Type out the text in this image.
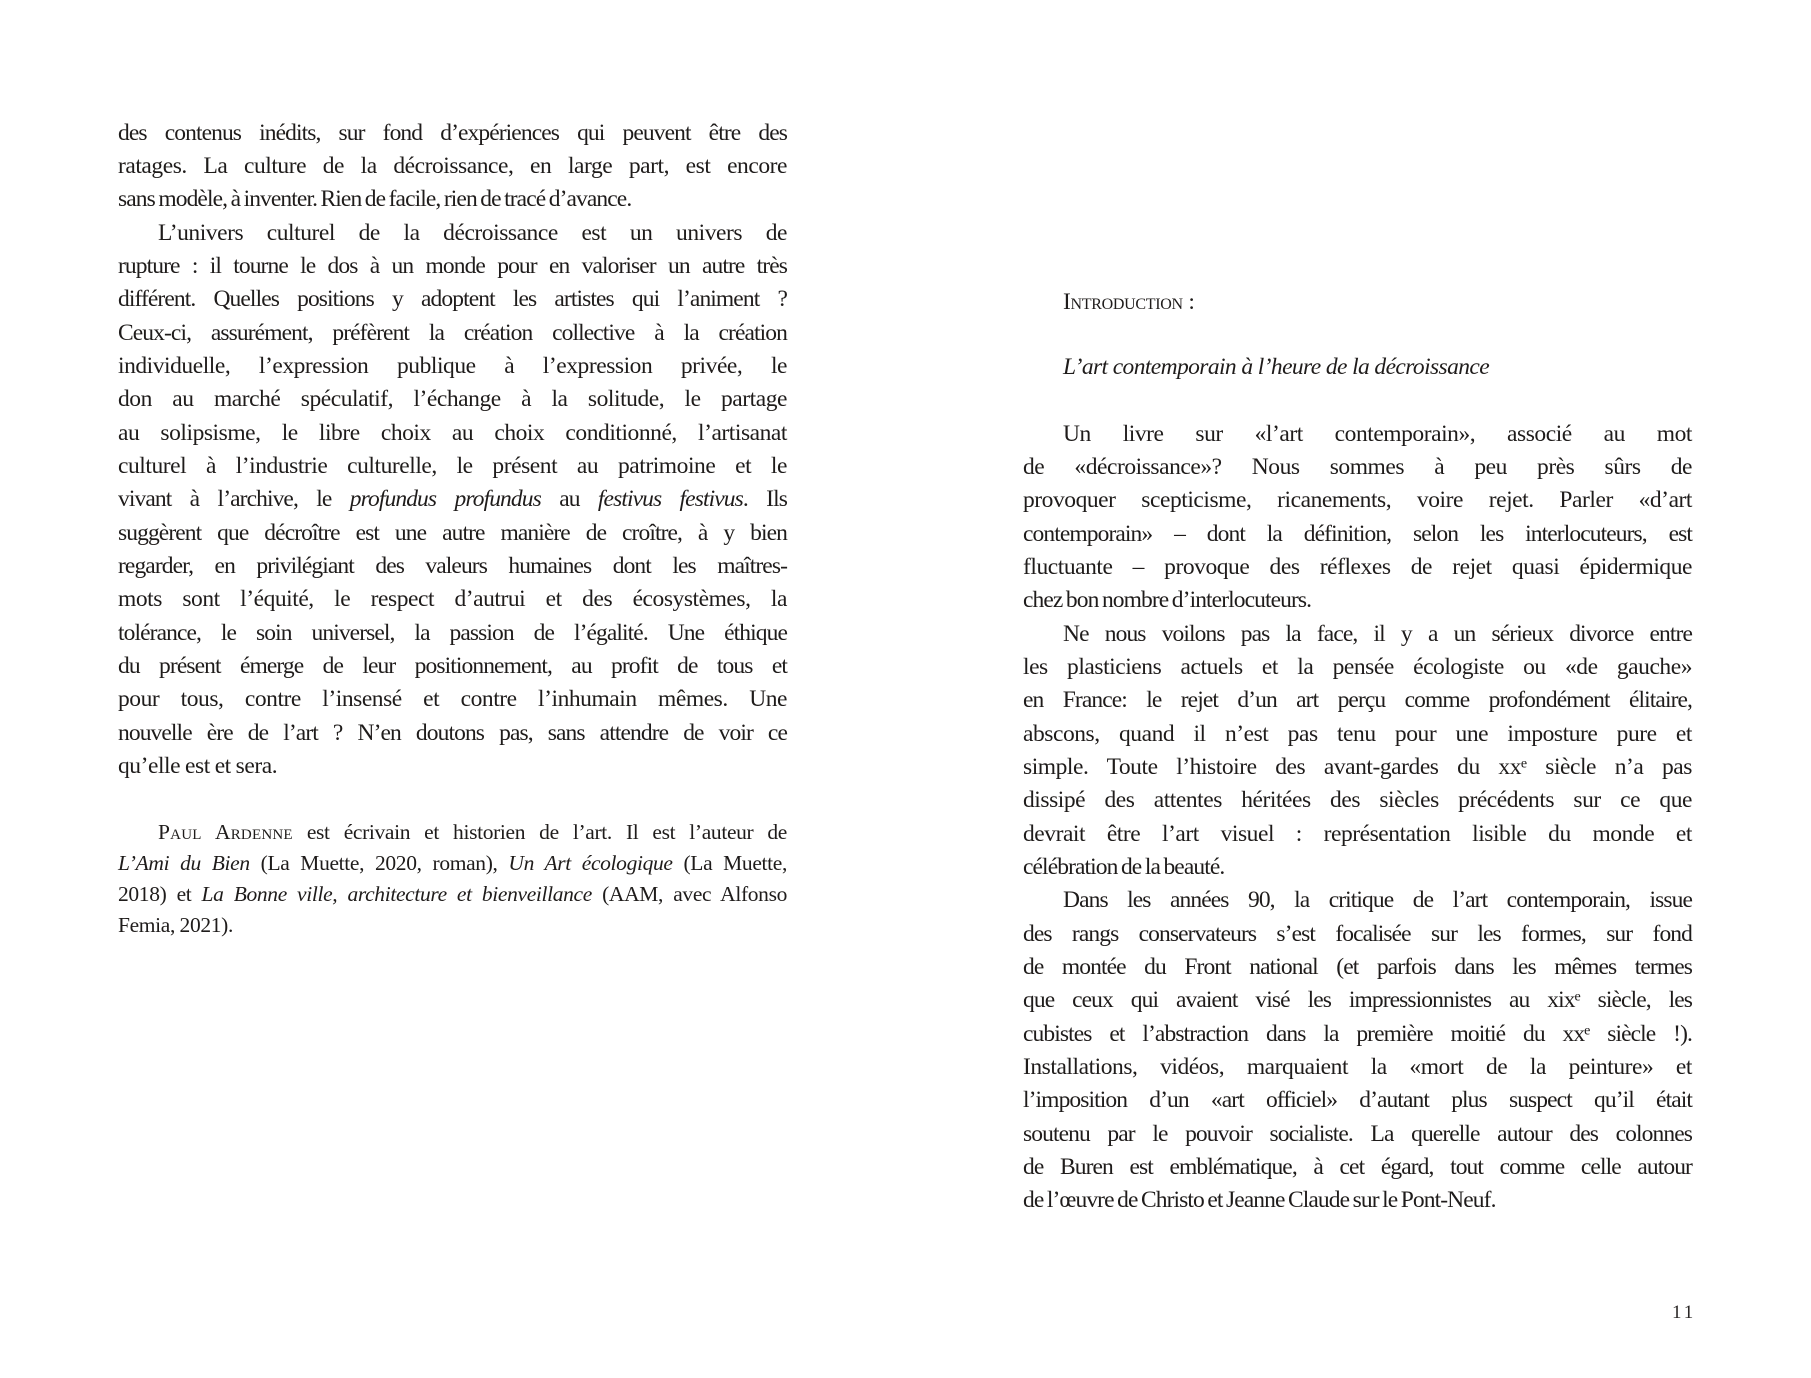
des contenus inédits, sur fond d’expériences qui peuvent être des
ratages. La culture de la décroissance, en large part, est encore
sans modèle, à inventer. Rien de facile, rien de tracé d’avance.
L’univers culturel de la décroissance est un univers de
rupture : il tourne le dos à un monde pour en valoriser un autre très
différent. Quelles positions y adoptent les artistes qui l’animent ?
Ceux-ci, assurément, préfèrent la création collective à la création
individuelle, l’expression publique à l’expression privée, le
don au marché spéculatif, l’échange à la solitude, le partage
au solipsisme, le libre choix au choix conditionné, l’artisanat
culturel à l’industrie culturelle, le présent au patrimoine et le
vivant à l’archive, le profundus profundus au festivus festivus. Ils
suggèrent que décroître est une autre manière de croître, à y bien
regarder, en privilégiant des valeurs humaines dont les maîtres-
mots sont l’équité, le respect d’autrui et des écosystèmes, la
tolérance, le soin universel, la passion de l’égalité. Une éthique
du présent émerge de leur positionnement, au profit de tous et
pour tous, contre l’insensé et contre l’inhumain mêmes. Une
nouvelle ère de l’art ? N’en doutons pas, sans attendre de voir ce
qu’elle est et sera.
Paul Ardenne est écrivain et historien de l’art. Il est l’auteur de
L’Ami du Bien (La Muette, 2020, roman), Un Art écologique (La Muette,
2018) et La Bonne ville, architecture et bienveillance (AAM, avec Alfonso
Femia, 2021).
Introduction :
L’art contemporain à l’heure de la décroissance
Un livre sur «l’art contemporain», associé au mot
de «décroissance»? Nous sommes à peu près sûrs de
provoquer scepticisme, ricanements, voire rejet. Parler «d’art
contemporain» – dont la définition, selon les interlocuteurs, est
fluctuante – provoque des réflexes de rejet quasi épidermique
chez bon nombre d’interlocuteurs.
Ne nous voilons pas la face, il y a un sérieux divorce entre
les plasticiens actuels et la pensée écologiste ou «de gauche»
en France: le rejet d’un art perçu comme profondément élitaire,
abscons, quand il n’est pas tenu pour une imposture pure et
simple. Toute l’histoire des avant-gardes du xxᵉ siècle n’a pas
dissipé des attentes héritées des siècles précédents sur ce que
devrait être l’art visuel : représentation lisible du monde et
célébration de la beauté.
Dans les années 90, la critique de l’art contemporain, issue
des rangs conservateurs s’est focalisée sur les formes, sur fond
de montée du Front national (et parfois dans les mêmes termes
que ceux qui avaient visé les impressionnistes au xixᵉ siècle, les
cubistes et l’abstraction dans la première moitié du xxᵉ siècle !).
Installations, vidéos, marquaient la «mort de la peinture» et
l’imposition d’un «art officiel» d’autant plus suspect qu’il était
soutenu par le pouvoir socialiste. La querelle autour des colonnes
de Buren est emblématique, à cet égard, tout comme celle autour
de l’œuvre de Christo et Jeanne Claude sur le Pont-Neuf.
11
